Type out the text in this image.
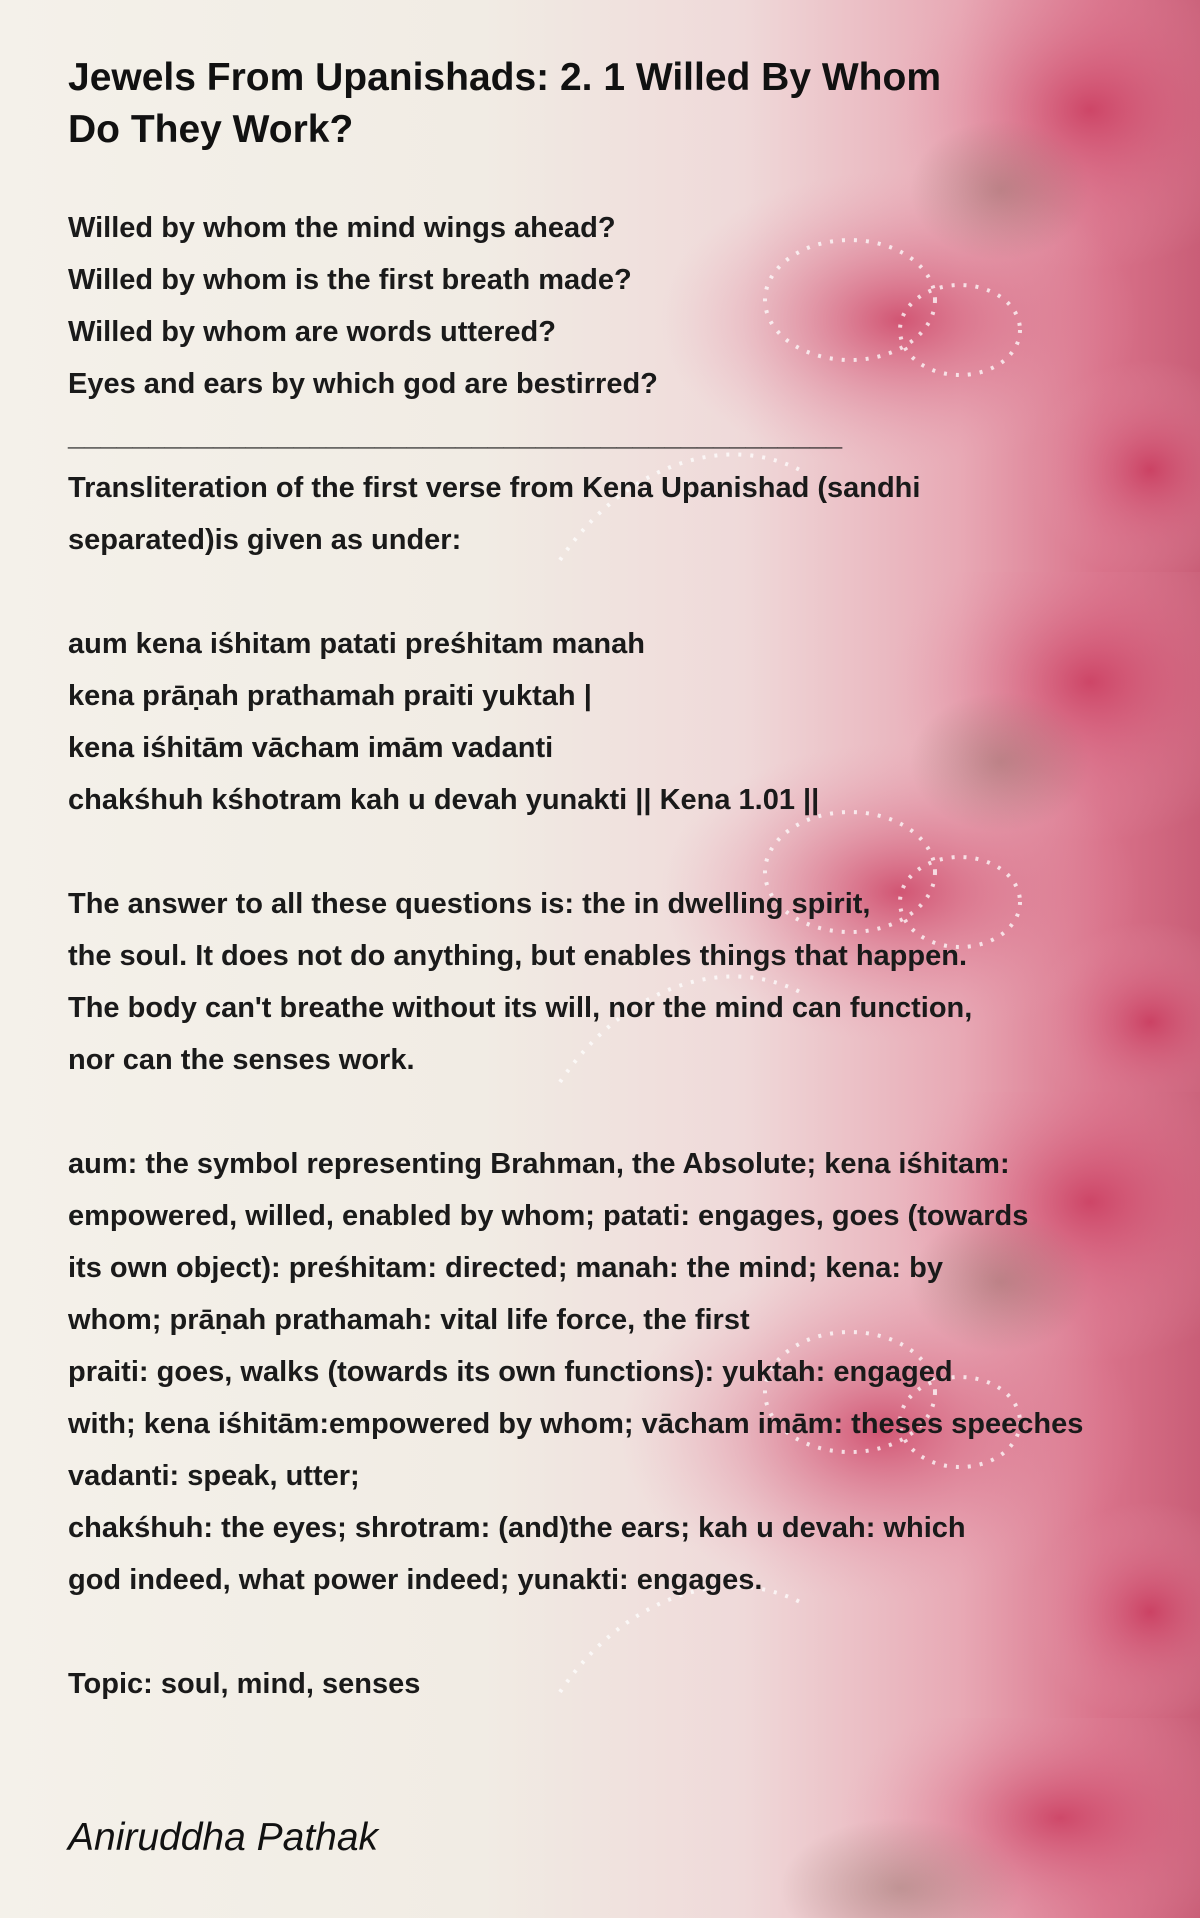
Jewels From Upanishads: 2. 1 Willed By Whom
Do They Work?
Willed by whom the mind wings ahead?
Willed by whom is the first breath made?
Willed by whom are words uttered?
Eyes and ears by which god are bestirred?
________________________________________________
Transliteration of the first verse from Kena Upanishad (sandhi
separated)is given as under:
aum kena iśhitam patati preśhitam manah
kena prāṇah prathamah praiti yuktah |
kena iśhitām vācham imām vadanti
chakśhuh kśhotram kah u devah yunakti || Kena 1.01 ||
The answer to all these questions is: the in dwelling spirit,
the soul. It does not do anything, but enables things that happen.
The body can't breathe without its will, nor the mind can function,
nor can the senses work.
aum: the symbol representing Brahman, the Absolute; kena iśhitam:
empowered, willed, enabled by whom; patati: engages, goes (towards
its own object): preśhitam: directed; manah: the mind; kena: by
whom; prāṇah prathamah: vital life force, the first
praiti: goes, walks (towards its own functions): yuktah: engaged
with; kena iśhitām:empowered by whom; vācham imām: theses speeches
vadanti: speak, utter;
chakśhuh: the eyes; shrotram: (and)the ears; kah u devah: which
god indeed, what power indeed; yunakti: engages.
Topic: soul, mind, senses
Aniruddha Pathak
